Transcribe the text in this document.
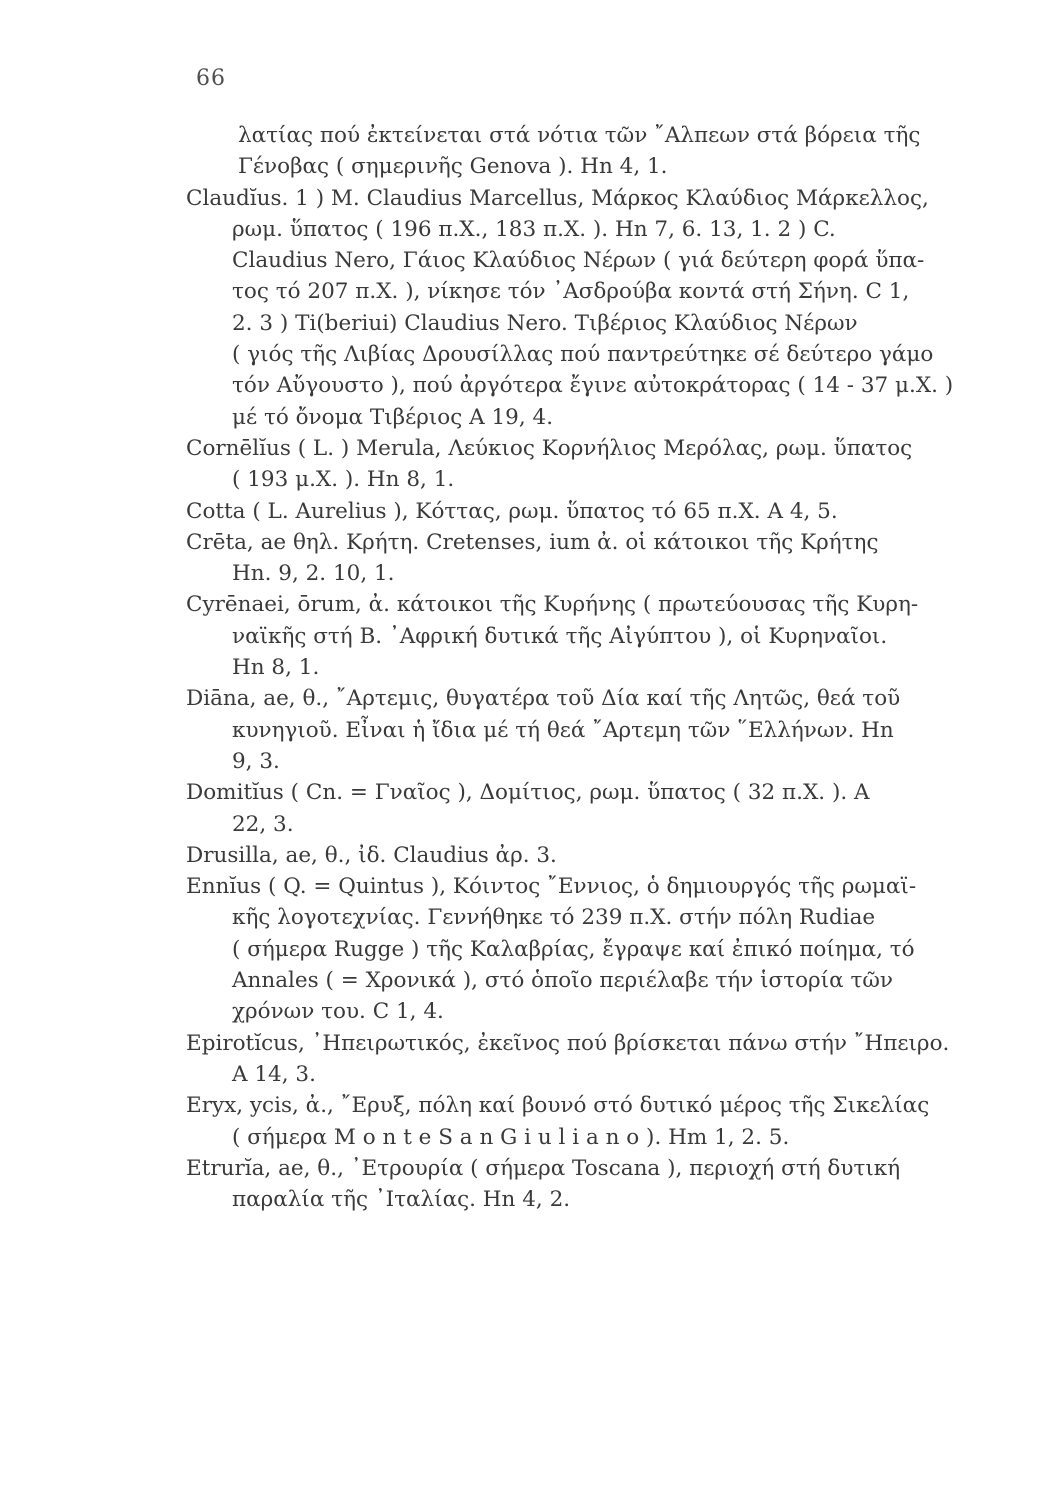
66
λατίας πού ἐκτείνεται στά νότια τῶν ῎Αλπεων στά βόρεια τῆς
Γένοβας ( σημερινῆς Genova ). Hn 4, 1.
Claudĭus. 1 ) M. Claudius Marcellus, Μάρκος Κλαύδιος Μάρκελλος,
ρωμ. ὕπατος ( 196 π.Χ., 183 π.Χ. ). Hn 7, 6. 13, 1. 2 ) C.
Claudius Nero, Γάιος Κλαύδιος Νέρων ( γιά δεύτερη φορά ὕπα-
τος τό 207 π.Χ. ), νίκησε τόν ᾿Ασδρούβα κοντά στή Σήνη. C 1,
2. 3 ) Ti(beriui) Claudius Nero. Τιβέριος Κλαύδιος Νέρων
( γιός τῆς Λιβίας Δρουσίλλας πού παντρεύτηκε σέ δεύτερο γάμο
τόν Αὔγουστο ), πού ἀργότερα ἔγινε αὐτοκράτορας ( 14 - 37 μ.Χ. )
μέ τό ὄνομα Τιβέριος Α 19, 4.
Cornēlĭus ( L. ) Merula, Λεύκιος Κορνήλιος Μερόλας, ρωμ. ὕπατος
( 193 μ.Χ. ). Hn 8, 1.
Cotta ( L. Aurelius ), Κόττας, ρωμ. ὕπατος τό 65 π.Χ. Α 4, 5.
Crēta, ae θηλ. Κρήτη. Cretenses, ium ἀ. οἱ κάτοικοι τῆς Κρήτης
Hn. 9, 2. 10, 1.
Cyrēnaei, ōrum, ἀ. κάτοικοι τῆς Κυρήνης ( πρωτεύουσας τῆς Κυρη-
ναϊκῆς στή Β. ᾿Αφρική δυτικά τῆς Αἰγύπτου ), οἱ Κυρηναῖοι.
Hn 8, 1.
Diāna, ae, θ., ῎Αρτεμις, θυγατέρα τοῦ Δία καί τῆς Λητῶς, θεά τοῦ
κυνηγιοῦ. Εἶναι ἡ ἴδια μέ τή θεά ῎Αρτεμη τῶν ῞Ελλήνων. Hn
9, 3.
Domitĭus ( Cn. = Γναῖος ), Δομίτιος, ρωμ. ὕπατος ( 32 π.Χ. ). Α
22, 3.
Drusilla, ae, θ., ἰδ. Claudius ἀρ. 3.
Ennĭus ( Q. = Quintus ), Κόιντος ῎Εννιος, ὁ δημιουργός τῆς ρωμαϊ-
κῆς λογοτεχνίας. Γεννήθηκε τό 239 π.Χ. στήν πόλη Rudiae
( σήμερα Rugge ) τῆς Καλαβρίας, ἔγραψε καί ἐπικό ποίημα, τό
Annales ( = Χρονικά ), στό ὁποῖο περιέλαβε τήν ἱστορία τῶν
χρόνων του. C 1, 4.
Epirotĭcus, ᾿Ηπειρωτικός, ἐκεῖνος πού βρίσκεται πάνω στήν ῎Ηπειρο.
Α 14, 3.
Eryx, ycis, ἀ., ῎Ερυξ, πόλη καί βουνό στό δυτικό μέρος τῆς Σικελίας
( σήμερα M o n t e S a n G i u l i a n o ). Hm 1, 2. 5.
Etrurĭa, ae, θ., ᾿Ετρουρία ( σήμερα Toscana ), περιοχή στή δυτική
παραλία τῆς ᾿Ιταλίας. Hn 4, 2.
